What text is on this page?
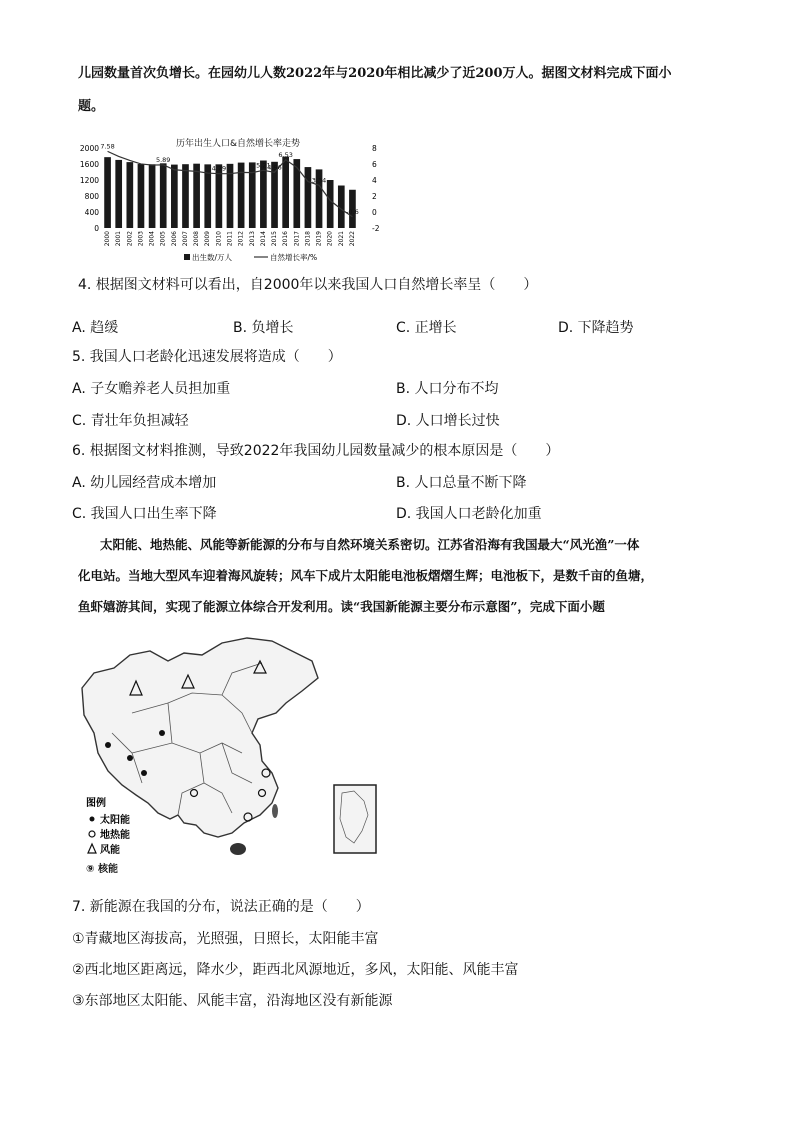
儿园数量首次负增长。在园幼儿人数2022年与2020年相比减少了近200万人。据图文材料完成下面小
题。
历年出生人口&自然增长率走势
2000
1600
1200
800
400
0
8
6
4
2
0
-2
7.58
5.89
4.79	5.21
4.96
6.53
3.34
-0.6
2000 2001 2002 2003 2004 2005 2006 2007 2008 2009 2010 2011 2012 2013 2014 2015 2016 2017 2018 2019 2020 2021 2022
出生数/万人	自然增长率/%
4. 根据图文材料可以看出，自2000年以来我国人口自然增长率呈（　　）
A. 趋缓	B. 负增长	C. 正增长	D. 下降趋势
5. 我国人口老龄化迅速发展将造成（　　）
A. 子女赡养老人员担加重	B. 人口分布不均
C. 青壮年负担减轻	D. 人口增长过快
6. 根据图文材料推测，导致2022年我国幼儿园数量减少的根本原因是（　　）
A. 幼儿园经营成本增加	B. 人口总量不断下降
C. 我国人口出生率下降	D. 我国人口老龄化加重
太阳能、地热能、风能等新能源的分布与自然环境关系密切。江苏省沿海有我国最大“风光渔”一体
化电站。当地大型风车迎着海风旋转；风车下成片太阳能电池板熠熠生辉；电池板下，是数千亩的鱼塘，
鱼虾嬉游其间，实现了能源立体综合开发利用。读“我国新能源主要分布示意图”，完成下面小题
图例
太阳能
地热能
风能
⑨ 核能
7. 新能源在我国的分布，说法正确的是（　　）
①青藏地区海拔高，光照强，日照长，太阳能丰富
②西北地区距离远，降水少，距西北风源地近，多风，太阳能、风能丰富
③东部地区太阳能、风能丰富，沿海地区没有新能源
